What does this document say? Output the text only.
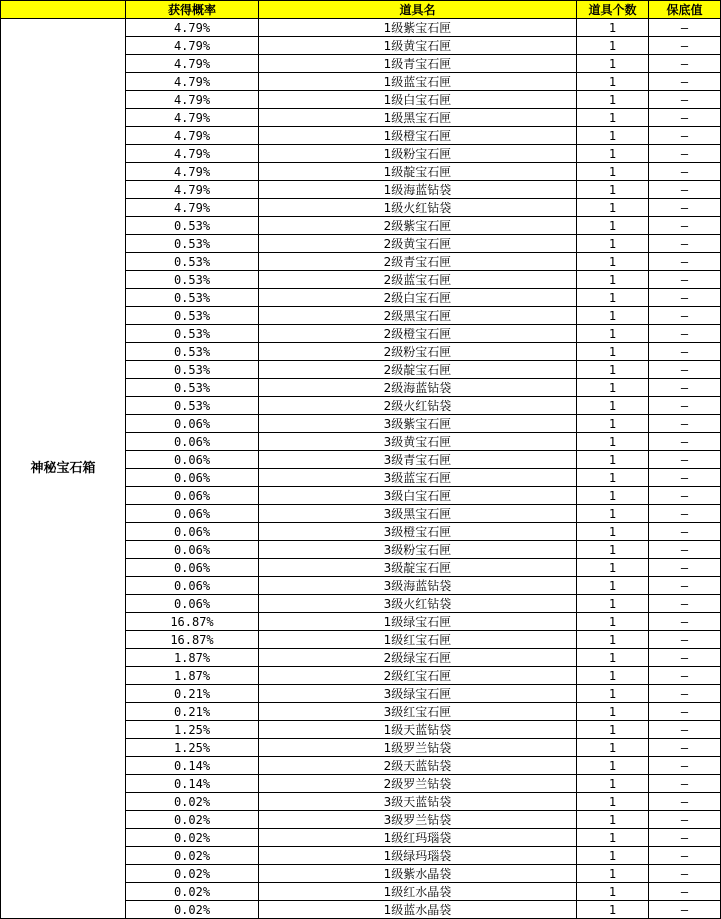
	获得概率	道具名	道具个数	保底值
神秘宝石箱	4.79%	1级紫宝石匣	1	—
	4.79%	1级黄宝石匣	1	—
	4.79%	1级青宝石匣	1	—
	4.79%	1级蓝宝石匣	1	—
	4.79%	1级白宝石匣	1	—
	4.79%	1级黑宝石匣	1	—
	4.79%	1级橙宝石匣	1	—
	4.79%	1级粉宝石匣	1	—
	4.79%	1级靛宝石匣	1	—
	4.79%	1级海蓝钻袋	1	—
	4.79%	1级火红钻袋	1	—
	0.53%	2级紫宝石匣	1	—
	0.53%	2级黄宝石匣	1	—
	0.53%	2级青宝石匣	1	—
	0.53%	2级蓝宝石匣	1	—
	0.53%	2级白宝石匣	1	—
	0.53%	2级黑宝石匣	1	—
	0.53%	2级橙宝石匣	1	—
	0.53%	2级粉宝石匣	1	—
	0.53%	2级靛宝石匣	1	—
	0.53%	2级海蓝钻袋	1	—
	0.53%	2级火红钻袋	1	—
	0.06%	3级紫宝石匣	1	—
	0.06%	3级黄宝石匣	1	—
	0.06%	3级青宝石匣	1	—
	0.06%	3级蓝宝石匣	1	—
	0.06%	3级白宝石匣	1	—
	0.06%	3级黑宝石匣	1	—
	0.06%	3级橙宝石匣	1	—
	0.06%	3级粉宝石匣	1	—
	0.06%	3级靛宝石匣	1	—
	0.06%	3级海蓝钻袋	1	—
	0.06%	3级火红钻袋	1	—
	16.87%	1级绿宝石匣	1	—
	16.87%	1级红宝石匣	1	—
	1.87%	2级绿宝石匣	1	—
	1.87%	2级红宝石匣	1	—
	0.21%	3级绿宝石匣	1	—
	0.21%	3级红宝石匣	1	—
	1.25%	1级天蓝钻袋	1	—
	1.25%	1级罗兰钻袋	1	—
	0.14%	2级天蓝钻袋	1	—
	0.14%	2级罗兰钻袋	1	—
	0.02%	3级天蓝钻袋	1	—
	0.02%	3级罗兰钻袋	1	—
	0.02%	1级红玛瑙袋	1	—
	0.02%	1级绿玛瑙袋	1	—
	0.02%	1级紫水晶袋	1	—
	0.02%	1级红水晶袋	1	—
	0.02%	1级蓝水晶袋	1	—
